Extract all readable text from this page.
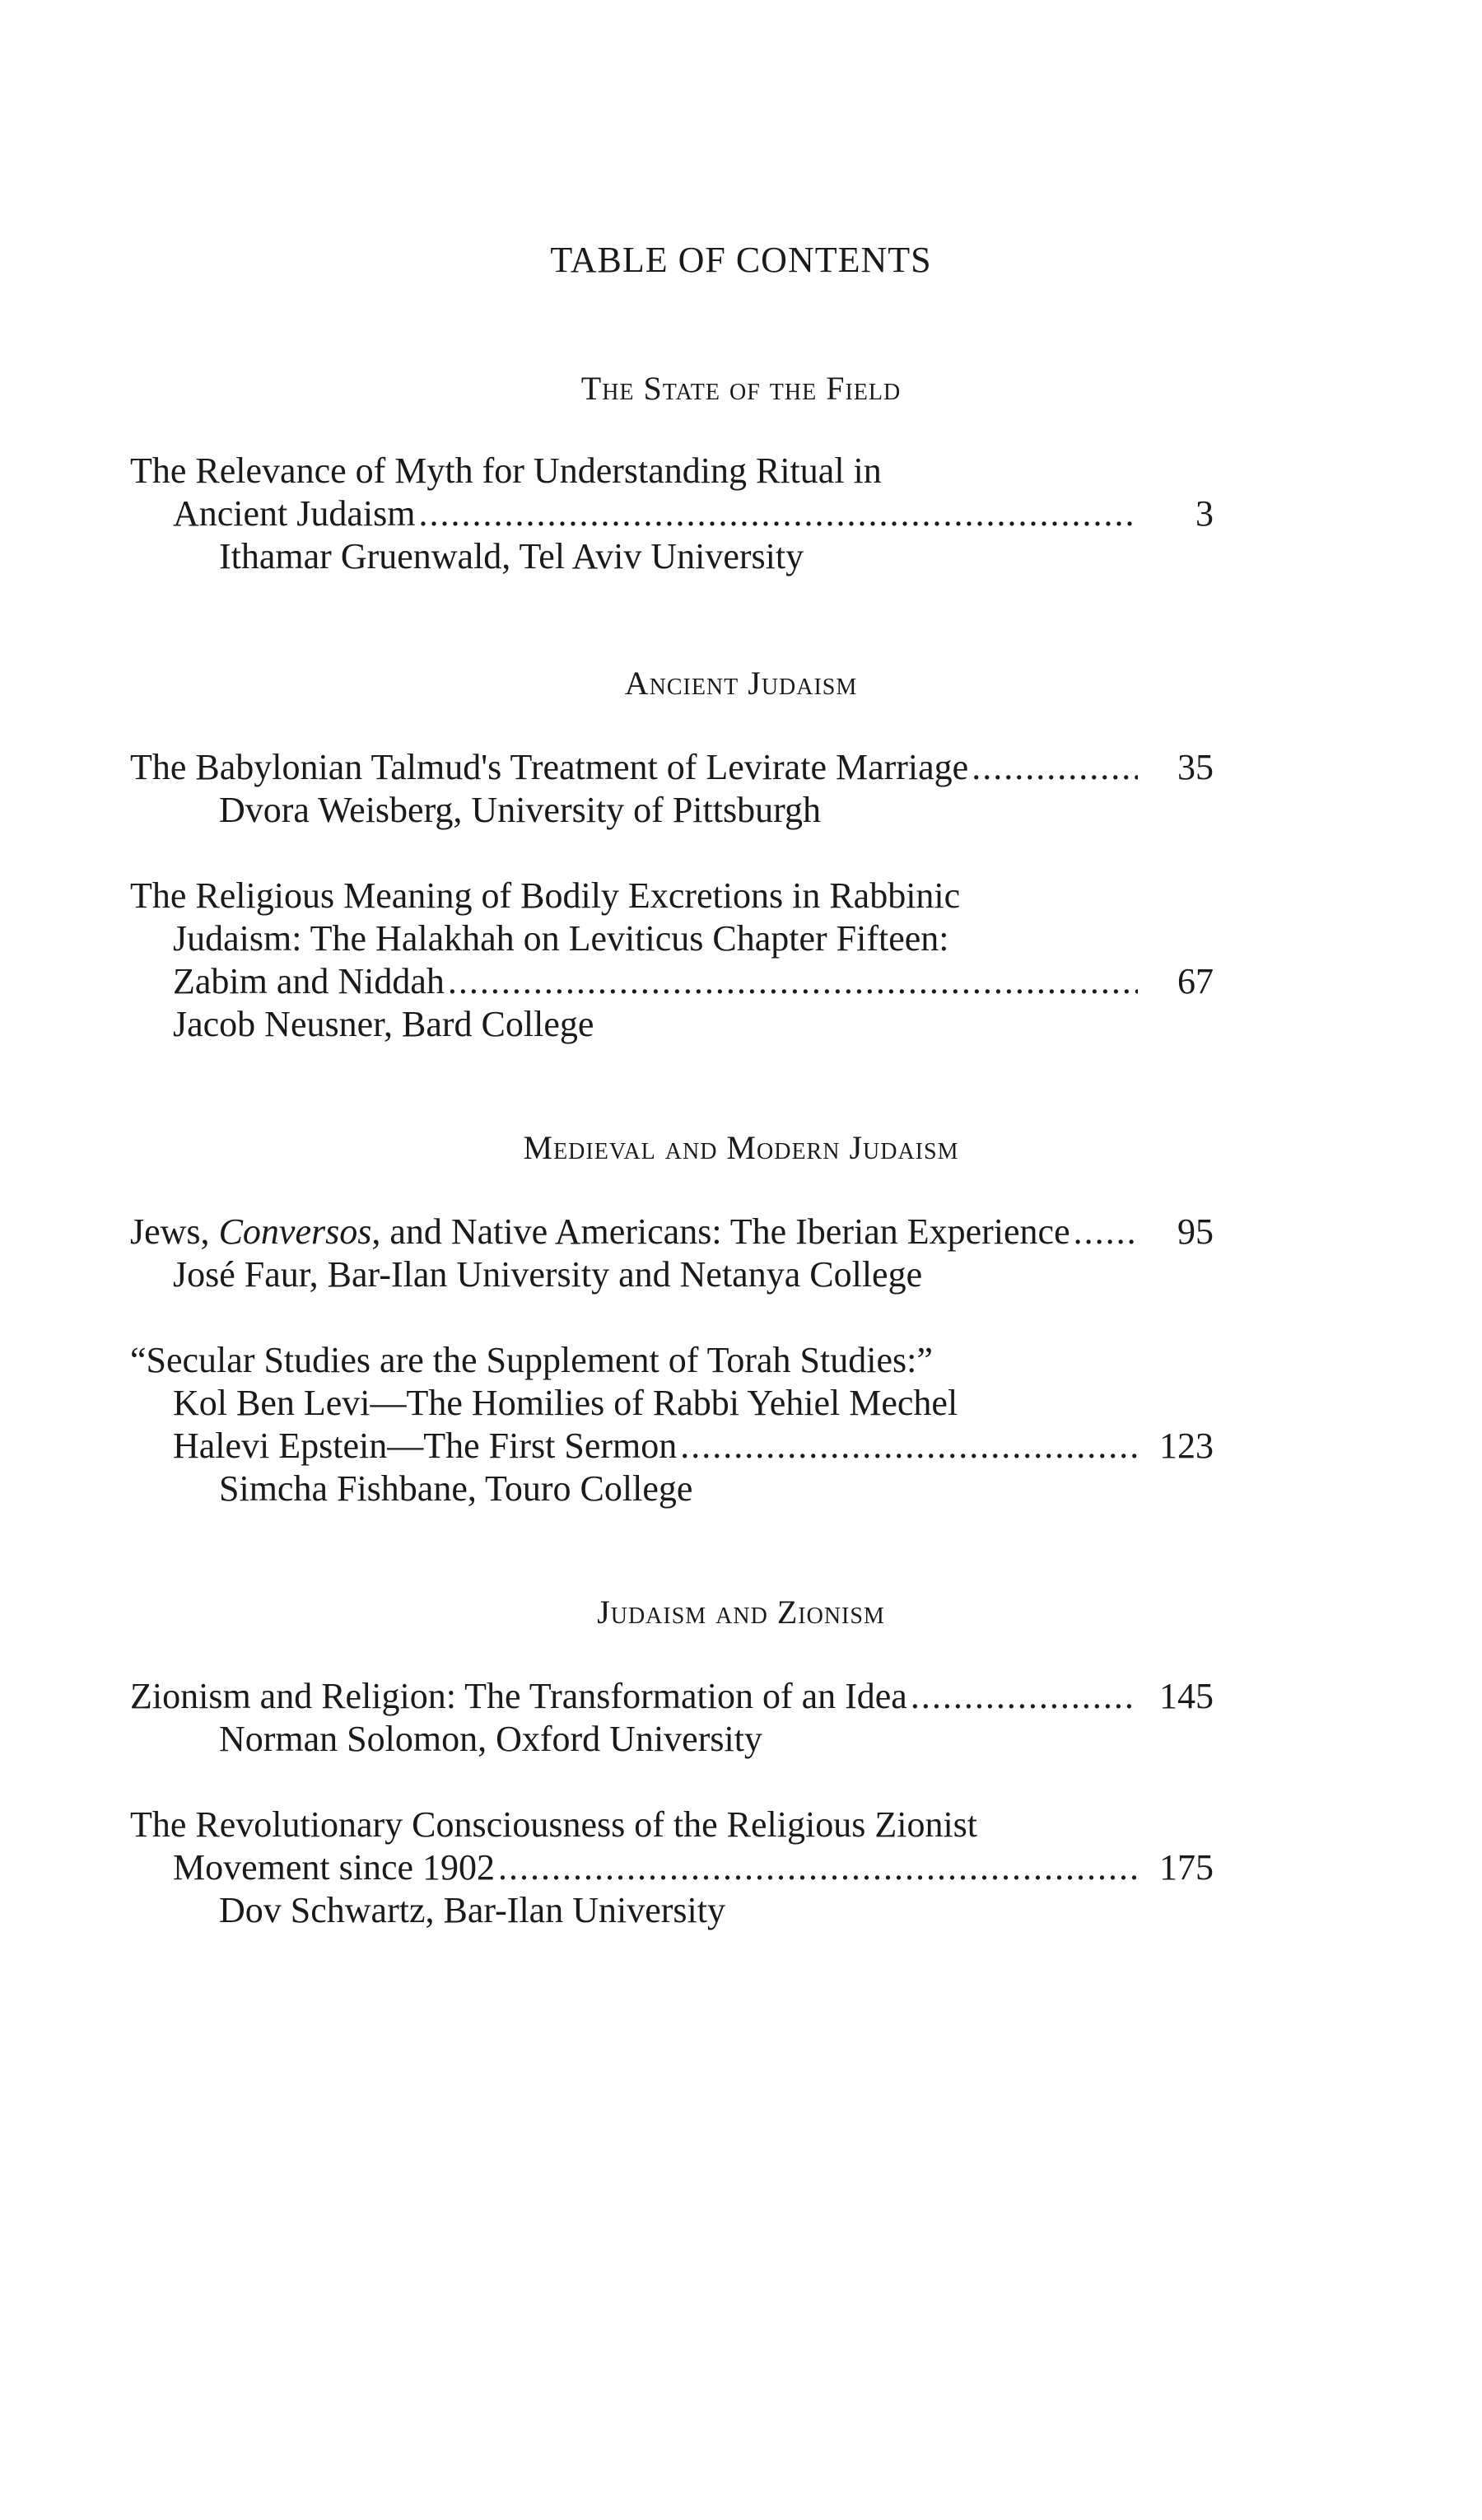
TABLE OF CONTENTS
The State of the Field
The Relevance of Myth for Understanding Ritual in
Ancient Judaism .....	3
Ithamar Gruenwald, Tel Aviv University
Ancient Judaism
The Babylonian Talmud's Treatment of Levirate Marriage .....	35
Dvora Weisberg, University of Pittsburgh
The Religious Meaning of Bodily Excretions in Rabbinic
Judaism: The Halakhah on Leviticus Chapter Fifteen:
Zabim and Niddah .....	67
Jacob Neusner, Bard College
Medieval and Modern Judaism
Jews, Conversos, and Native Americans: The Iberian Experience .....	95
José Faur, Bar-Ilan University and Netanya College
“Secular Studies are the Supplement of Torah Studies:”
Kol Ben Levi—The Homilies of Rabbi Yehiel Mechel
Halevi Epstein—The First Sermon .....	123
Simcha Fishbane, Touro College
Judaism and Zionism
Zionism and Religion: The Transformation of an Idea .....	145
Norman Solomon, Oxford University
The Revolutionary Consciousness of the Religious Zionist
Movement since 1902 .....	175
Dov Schwartz, Bar-Ilan University
